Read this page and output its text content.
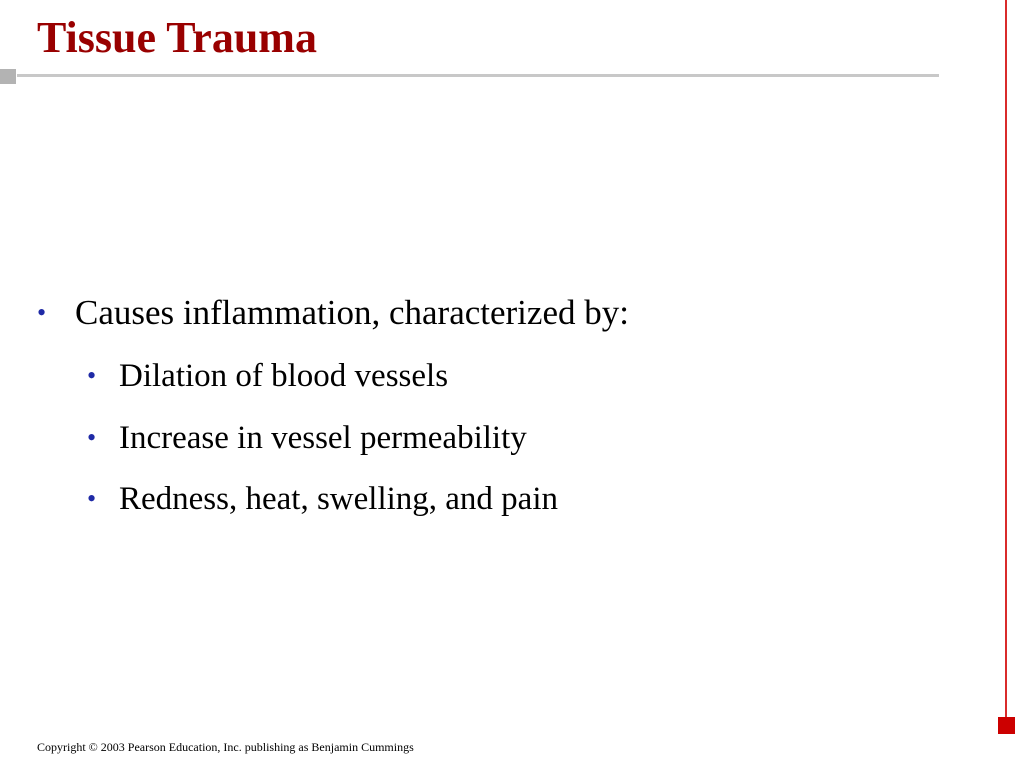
Tissue Trauma
• Causes inflammation, characterized by:
• Dilation of blood vessels
• Increase in vessel permeability
• Redness, heat, swelling, and pain
Copyright © 2003 Pearson Education, Inc. publishing as Benjamin Cummings
